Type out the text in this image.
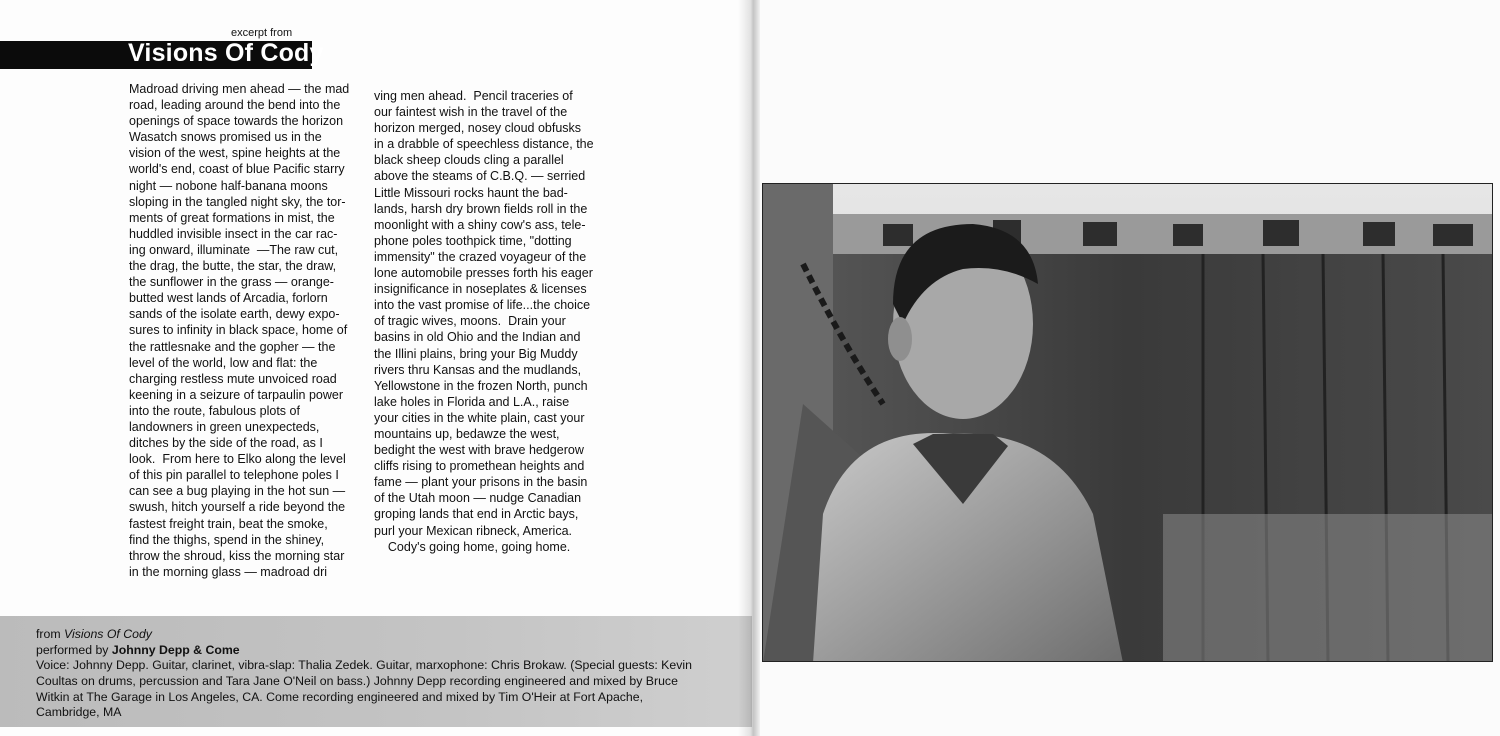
excerpt from
Visions Of Cody
Madroad driving men ahead — the mad
road, leading around the bend into the
openings of space towards the horizon
Wasatch snows promised us in the
vision of the west, spine heights at the
world's end, coast of blue Pacific starry
night — nobone half-banana moons
sloping in the tangled night sky, the tor-
ments of great formations in mist, the
huddled invisible insect in the car rac-
ing onward, illuminate  —The raw cut,
the drag, the butte, the star, the draw,
the sunflower in the grass — orange-
butted west lands of Arcadia, forlorn
sands of the isolate earth, dewy expo-
sures to infinity in black space, home of
the rattlesnake and the gopher — the
level of the world, low and flat: the
charging restless mute unvoiced road
keening in a seizure of tarpaulin power
into the route, fabulous plots of
landowners in green unexpecteds,
ditches by the side of the road, as I
look.  From here to Elko along the level
of this pin parallel to telephone poles I
can see a bug playing in the hot sun —
swush, hitch yourself a ride beyond the
fastest freight train, beat the smoke,
find the thighs, spend in the shiney,
throw the shroud, kiss the morning star
in the morning glass — madroad dri
ving men ahead.  Pencil traceries of
our faintest wish in the travel of the
horizon merged, nosey cloud obfusks
in a drabble of speechless distance, the
black sheep clouds cling a parallel
above the steams of C.B.Q. — serried
Little Missouri rocks haunt the bad-
lands, harsh dry brown fields roll in the
moonlight with a shiny cow's ass, tele-
phone poles toothpick time, "dotting
immensity" the crazed voyageur of the
lone automobile presses forth his eager
insignificance in noseplates & licenses
into the vast promise of life...the choice
of tragic wives, moons.  Drain your
basins in old Ohio and the Indian and
the Illini plains, bring your Big Muddy
rivers thru Kansas and the mudlands,
Yellowstone in the frozen North, punch
lake holes in Florida and L.A., raise
your cities in the white plain, cast your
mountains up, bedawze the west,
bedight the west with brave hedgerow
cliffs rising to promethean heights and
fame — plant your prisons in the basin
of the Utah moon — nudge Canadian
groping lands that end in Arctic bays,
purl your Mexican ribneck, America.
Cody's going home, going home.
from Visions Of Cody
performed by Johnny Depp & Come
Voice: Johnny Depp. Guitar, clarinet, vibra-slap: Thalia Zedek. Guitar, marxophone: Chris Brokaw. (Special guests: Kevin
Coultas on drums, percussion and Tara Jane O'Neil on bass.) Johnny Depp recording engineered and mixed by Bruce
Witkin at The Garage in Los Angeles, CA. Come recording engineered and mixed by Tim O'Heir at Fort Apache,
Cambridge, MA
